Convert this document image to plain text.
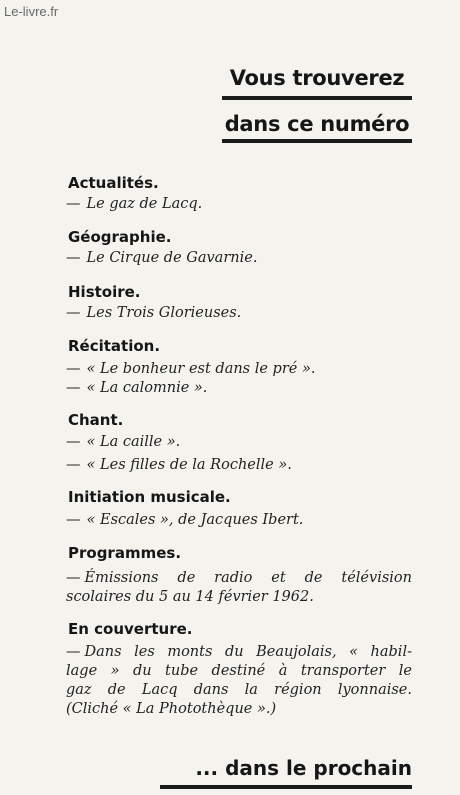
Le-livre.fr
Vous trouverez
dans ce numéro
Actualités.
— Le gaz de Lacq.
Géographie.
— Le Cirque de Gavarnie.
Histoire.
— Les Trois Glorieuses.
Récitation.
— « Le bonheur est dans le pré ».
— « La calomnie ».
Chant.
— « La caille ».
— « Les filles de la Rochelle ».
Initiation musicale.
— « Escales », de Jacques Ibert.
Programmes.
— Émissions de radio et de télévision
scolaires du 5 au 14 février 1962.
En couverture.
— Dans les monts du Beaujolais, « habil-
lage » du tube destiné à transporter le
gaz de Lacq dans la région lyonnaise.
(Cliché « La Photothèque ».)
... dans le prochain
